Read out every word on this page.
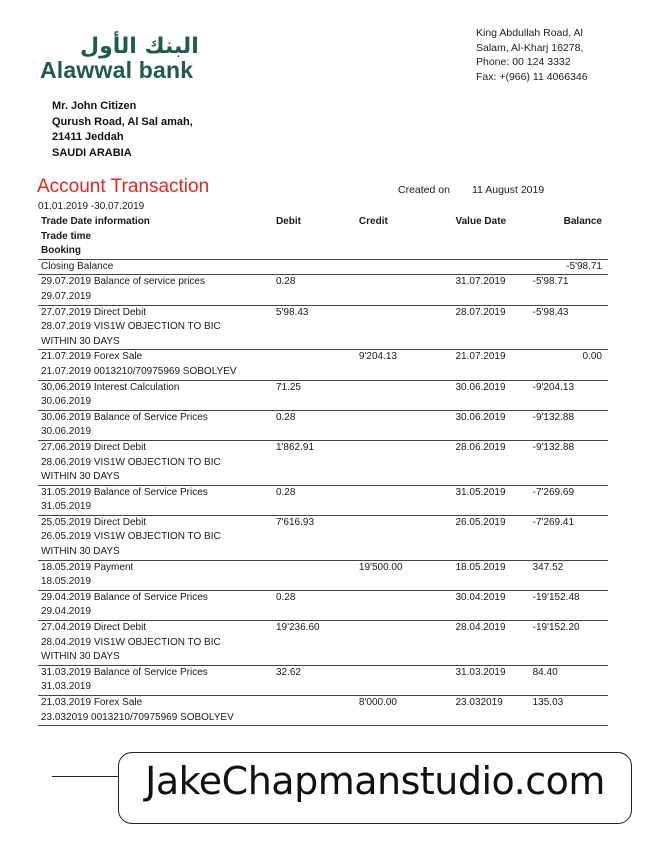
البنك الأول
Alawwal bank
King Abdullah Road, Al
Salam, Al-Kharj 16278,
Phone: 00 124 3332
Fax: +(966) 11 4066346
Mr. John Citizen
Qurush Road, Al Sal amah,
21411 Jeddah
SAUDI ARABIA
Account Transaction	Created on 11 August 2019
01.01.2019 -30.07.2019
Trade Date information
Trade time
Booking	Debit	Credit	Value Date	Balance

Closing Balance				-5'98.71

29.07.2019 Balance of service prices
29.07.2019	0.28		31.07.2019	-5'98.71

27.07.2019 Direct Debit
28.07.2019 VIS1W OBJECTION TO BIC
WITHIN 30 DAYS	5'98.43		28.07.2019	-5'98.43

21.07.2019 Forex Sale
21.07.2019 0013210/70975969 SOBOLYEV		9'204.13	21.07.2019	0.00

30.06.2019 Interest Calculation
30.06.2019	71.25		30.06.2019	-9'204.13

30.06.2019 Balance of Service Prices
30.06.2019	0.28		30.06.2019	-9'132.88

27.06.2019 Direct Debit
28.06.2019 VIS1W OBJECTION TO BIC
WITHIN 30 DAYS	1'862.91		28.06.2019	-9'132.88

31.05.2019 Balance of Service Prices
31.05.2019	0.28		31.05.2019	-7'269.69

25.05.2019 Direct Debit
26.05.2019 VIS1W OBJECTION TO BIC
WITHIN 30 DAYS	7'616.93		26.05.2019	-7'269.41

18.05.2019 Payment
18.05.2019		19'500.00	18.05.2019	347.52

29.04.2019 Balance of Service Prices
29.04.2019	0.28		30.04.2019	-19'152.48

27.04.2019 Direct Debit
28.04.2019 VIS1W OBJECTION TO BIC
WITHIN 30 DAYS	19'236.60		28.04.2019	-19'152.20

31.03.2019 Balance of Service Prices
31.03.2019	32.62		31.03.2019	84.40

21.03.2019 Forex Sale
23.032019 0013210/70975969 SOBOLYEV		8'000.00	23.032019	135.03
JakeChapmanstudio.com
